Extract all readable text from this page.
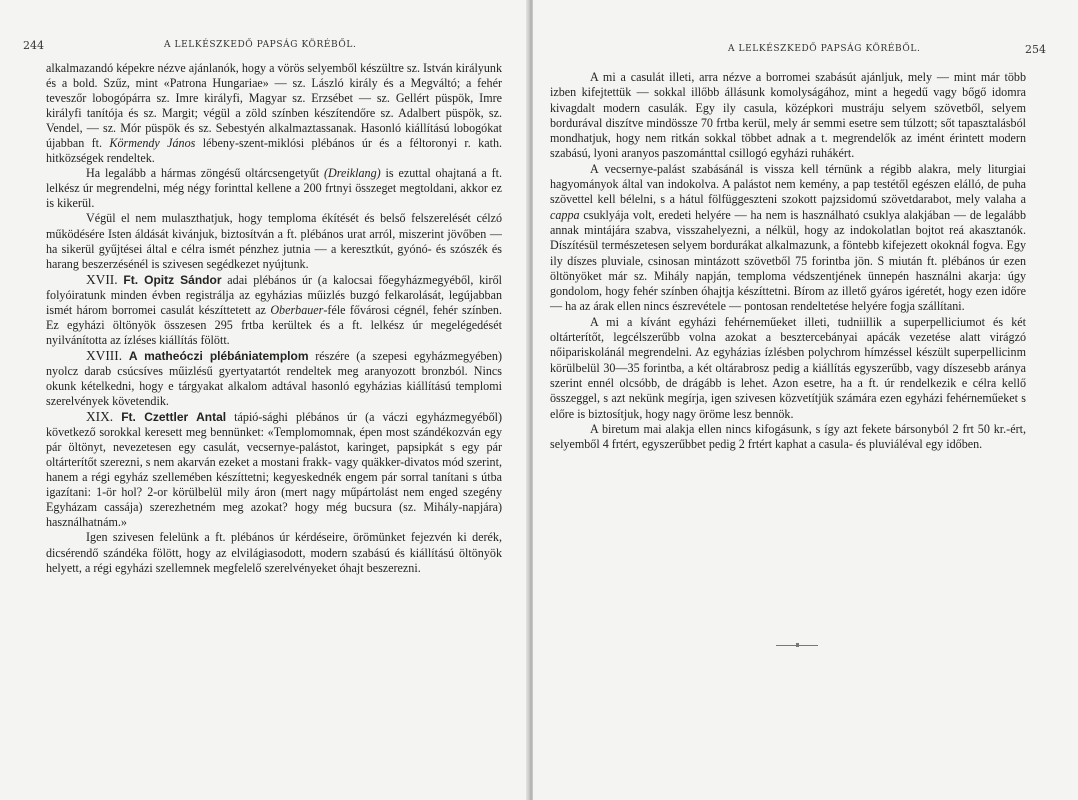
244	A LELKÉSZKEDŐ PAPSÁG KÖRÉBŐL.

alkalmazandó képekre nézve ajánlanók, hogy a vörös selyemből készültre sz. István királyunk és a bold. Szűz, mint «Patrona Hungariae» — sz. László király és a Megváltó; a fehér teveszőr lobogópárra sz. Imre királyfi, Magyar sz. Erzsébet — sz. Gellért püspök, Imre királyfi tanítója és sz. Margit; végül a zöld színben készítendőre sz. Adalbert püspök, sz. Vendel, — sz. Mór püspök és sz. Sebestyén alkalmaztassanak. Hasonló kiállítású lobogókat újabban ft. Körmendy János lébeny-szent-miklósi plébános úr és a féltoronyi r. kath. hitközségek rendeltek.

Ha legalább a hármas zöngésű oltárcsengetyűt (Dreiklang) is ezuttal ohajtaná a ft. lelkész úr megrendelni, még négy forinttal kellene a 200 frtnyi összeget megtoldani, akkor ez is kikerül.

Végül el nem mulaszthatjuk, hogy temploma ékítését és belső felszerelését célzó működésére Isten áldását kivánjuk, biztosítván a ft. plébános urat arról, miszerint jövőben — ha sikerül gyűjtései által e célra ismét pénzhez jutnia — a keresztkút, gyónó- és szószék és harang beszerzésénél is szivesen segédkezet nyújtunk.

XVII. Ft. Opitz Sándor adai plébános úr (a kalocsai főegyházmegyéből, kiről folyóiratunk minden évben registrálja az egyházias műizlés buzgó felkarolását, legújabban ismét három borromei casulát készíttetett az Oberbauer-féle fővárosi cégnél, fehér színben. Ez egyházi öltönyök összesen 295 frtba kerültek és a ft. lelkész úr megelégedését nyilvánította az ízléses kiállítás fölött.

XVIII. A matheóczi plébániatemplom részére (a szepesi egyházmegyében) nyolcz darab csúcsíves műizlésű gyertyatartót rendeltek meg aranyozott bronzból. Nincs okunk kételkedni, hogy e tárgyakat alkalom adtával hasonló egyházias kiállítású templomi szerelvények követendik.

XIX. Ft. Czettler Antal tápió-sághi plébános úr (a váczi egyházmegyéből) következő sorokkal keresett meg bennünket: «Templomomnak, épen most szándékozván egy pár öltönyt, nevezetesen egy casulát, vecsernye-palástot, karinget, papsipkát s egy pár oltárterítőt szerezni, s nem akarván ezeket a mostani frakk- vagy quäkker-divatos mód szerint, hanem a régi egyház szellemében készíttetni; kegyeskednék engem pár sorral tanítani s útba igazítani: 1-ör hol? 2-or körülbelül mily áron (mert nagy műpártolást nem enged szegény Egyházam cassája) szerezhetném meg azokat? hogy még bucsura (sz. Mihály-napjára) használhatnám.»

Igen szivesen felelünk a ft. plébános úr kérdéseire, örömünket fejezvén ki derék, dicsérendő szándéka fölött, hogy az elvilágiasodott, modern szabású és kiállítású öltönyök helyett, a régi egyházi szellemnek megfelelő szerelvényeket óhajt beszerezni.

A LELKÉSZKEDŐ PAPSÁG KÖRÉBŐL.	254

A mi a casulát illeti, arra nézve a borromei szabásút ajánljuk, mely — mint már több izben kifejtettük — sokkal illőbb állásunk komolyságához, mint a hegedű vagy bőgő idomra kivagdalt modern casulák. Egy ily casula, középkori mustráju selyem szövetből, selyem bordurával diszítve mindössze 70 frtba kerül, mely ár semmi esetre sem túlzott; sőt tapasztalásból mondhatjuk, hogy nem ritkán sokkal többet adnak a t. megrendelők az imént érintett modern szabású, lyoni aranyos paszománttal csillogó egyházi ruhákért.

A vecsernye-palást szabásánál is vissza kell térnünk a régibb alakra, mely liturgiai hagyományok által van indokolva. A palástot nem kemény, a pap testétől egészen elálló, de puha szövettel kell bélelni, s a hátul fölfüggeszteni szokott pajzsidomú szövetdarabot, mely valaha a cappa csuklyája volt, eredeti helyére — ha nem is használható csuklya alakjában — de legalább annak mintájára szabva, visszahelyezni, a nélkül, hogy az indokolatlan bojtot reá akasztanók. Díszítésül természetesen selyem bordurákat alkalmazunk, a föntebb kifejezett okoknál fogva. Egy ily díszes pluviale, csinosan mintázott szövetből 75 forintba jön. S miután ft. plébános úr ezen öltönyöket már sz. Mihály napján, temploma védszentjének ünnepén használni akarja: úgy gondolom, hogy fehér színben óhajtja készíttetni. Bírom az illető gyáros igéretét, hogy ezen időre — ha az árak ellen nincs észrevétele — pontosan rendeltetése helyére fogja szállítani.

A mi a kívánt egyházi fehérneműeket illeti, tudniillik a superpelliciumot és két oltárterítőt, legcélszerűbb volna azokat a besztercebányai apácák vezetése alatt virágzó nőipariskolánál megrendelni. Az egyházias ízlésben polychrom hímzéssel készült superpellicinm körülbelül 30—35 forintba, a két oltárabrosz pedig a kiállítás egyszerűbb, vagy díszesebb aránya szerint ennél olcsóbb, de drágább is lehet. Azon esetre, ha a ft. úr rendelkezik e célra kellő összeggel, s azt nekünk megírja, igen szivesen közvetítjük számára ezen egyházi fehérneműeket s előre is biztosítjuk, hogy nagy öröme lesz bennök.

A biretum mai alakja ellen nincs kifogásunk, s így azt fekete bársonyból 2 frt 50 kr.-ért, selyemből 4 frtért, egyszerűbbet pedig 2 frtért kaphat a casula- és pluviáléval egy időben.
